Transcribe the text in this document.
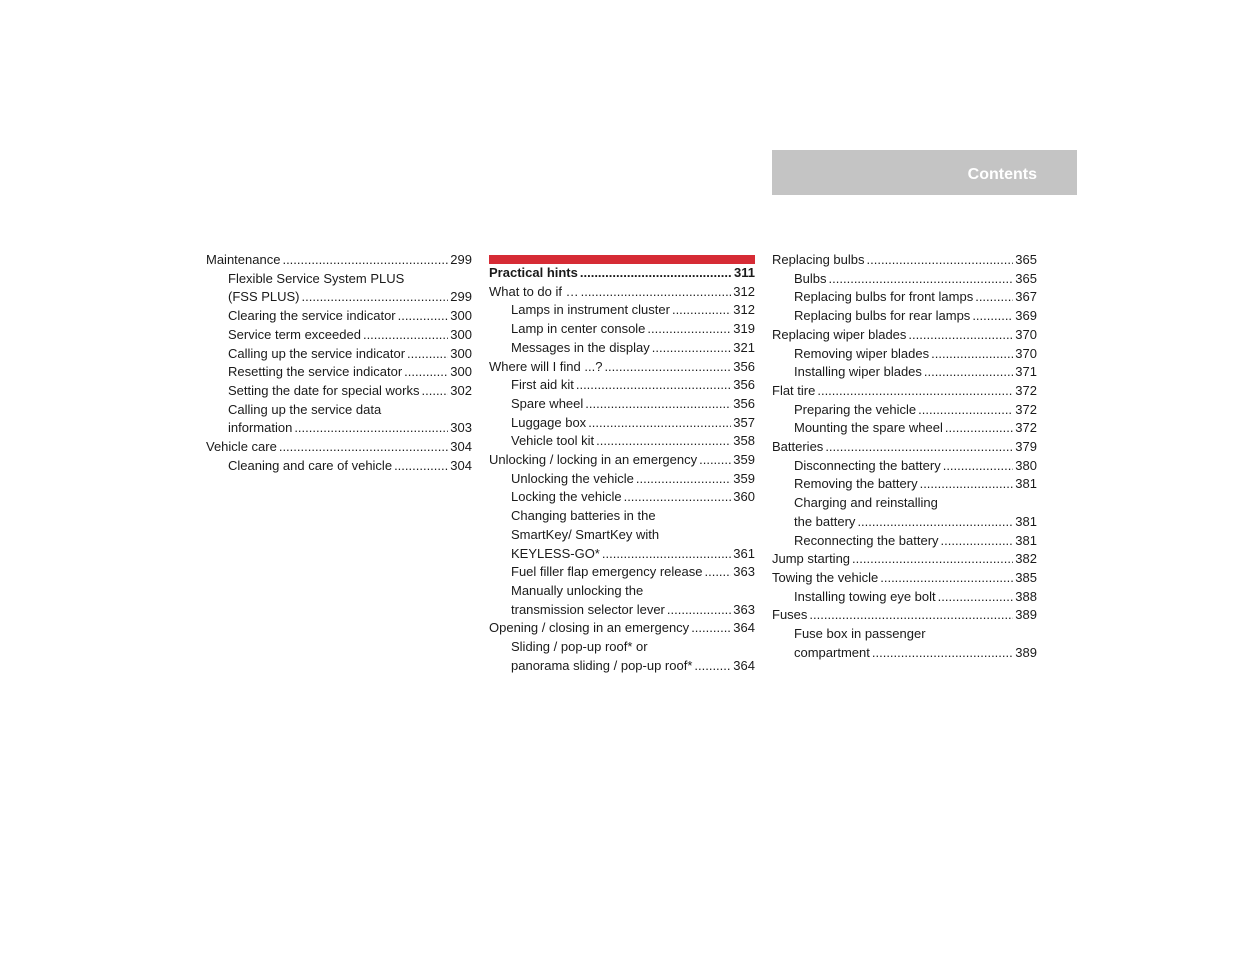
Contents
Maintenance .....	299
Flexible Service System PLUS
(FSS PLUS) .....	299
Clearing the service indicator .....	300
Service term exceeded .....	300
Calling up the service indicator .....	300
Resetting the service indicator .....	300
Setting the date for special works ..... 302
Calling up the service data
information .....	303
Vehicle care .....	304
Cleaning and care of vehicle .....	304
Practical hints .....	311
What to do if … .....	312
Lamps in instrument cluster .....	312
Lamp in center console .....	319
Messages in the display .....	321
Where will I find ...? .....	356
First aid kit .....	356
Spare wheel .....	356
Luggage box .....	357
Vehicle tool kit .....	358
Unlocking / locking in an emergency .....	359
Unlocking the vehicle .....	359
Locking the vehicle .....	360
Changing batteries in the
SmartKey/ SmartKey with
KEYLESS-GO* .....	361
Fuel filler flap emergency release ..... 363
Manually unlocking the
transmission selector lever .....	363
Opening / closing in an emergency .....	364
Sliding / pop-up roof* or
panorama sliding / pop-up roof* .....	364
Replacing bulbs .....	365
Bulbs .....	365
Replacing bulbs for front lamps .....	367
Replacing bulbs for rear lamps .....	369
Replacing wiper blades .....	370
Removing wiper blades .....	370
Installing wiper blades .....	371
Flat tire .....	372
Preparing the vehicle .....	372
Mounting the spare wheel .....	372
Batteries .....	379
Disconnecting the battery .....	380
Removing the battery .....	381
Charging and reinstalling
the battery .....	381
Reconnecting the battery .....	381
Jump starting .....	382
Towing the vehicle .....	385
Installing towing eye bolt .....	388
Fuses .....	389
Fuse box in passenger
compartment .....	389
